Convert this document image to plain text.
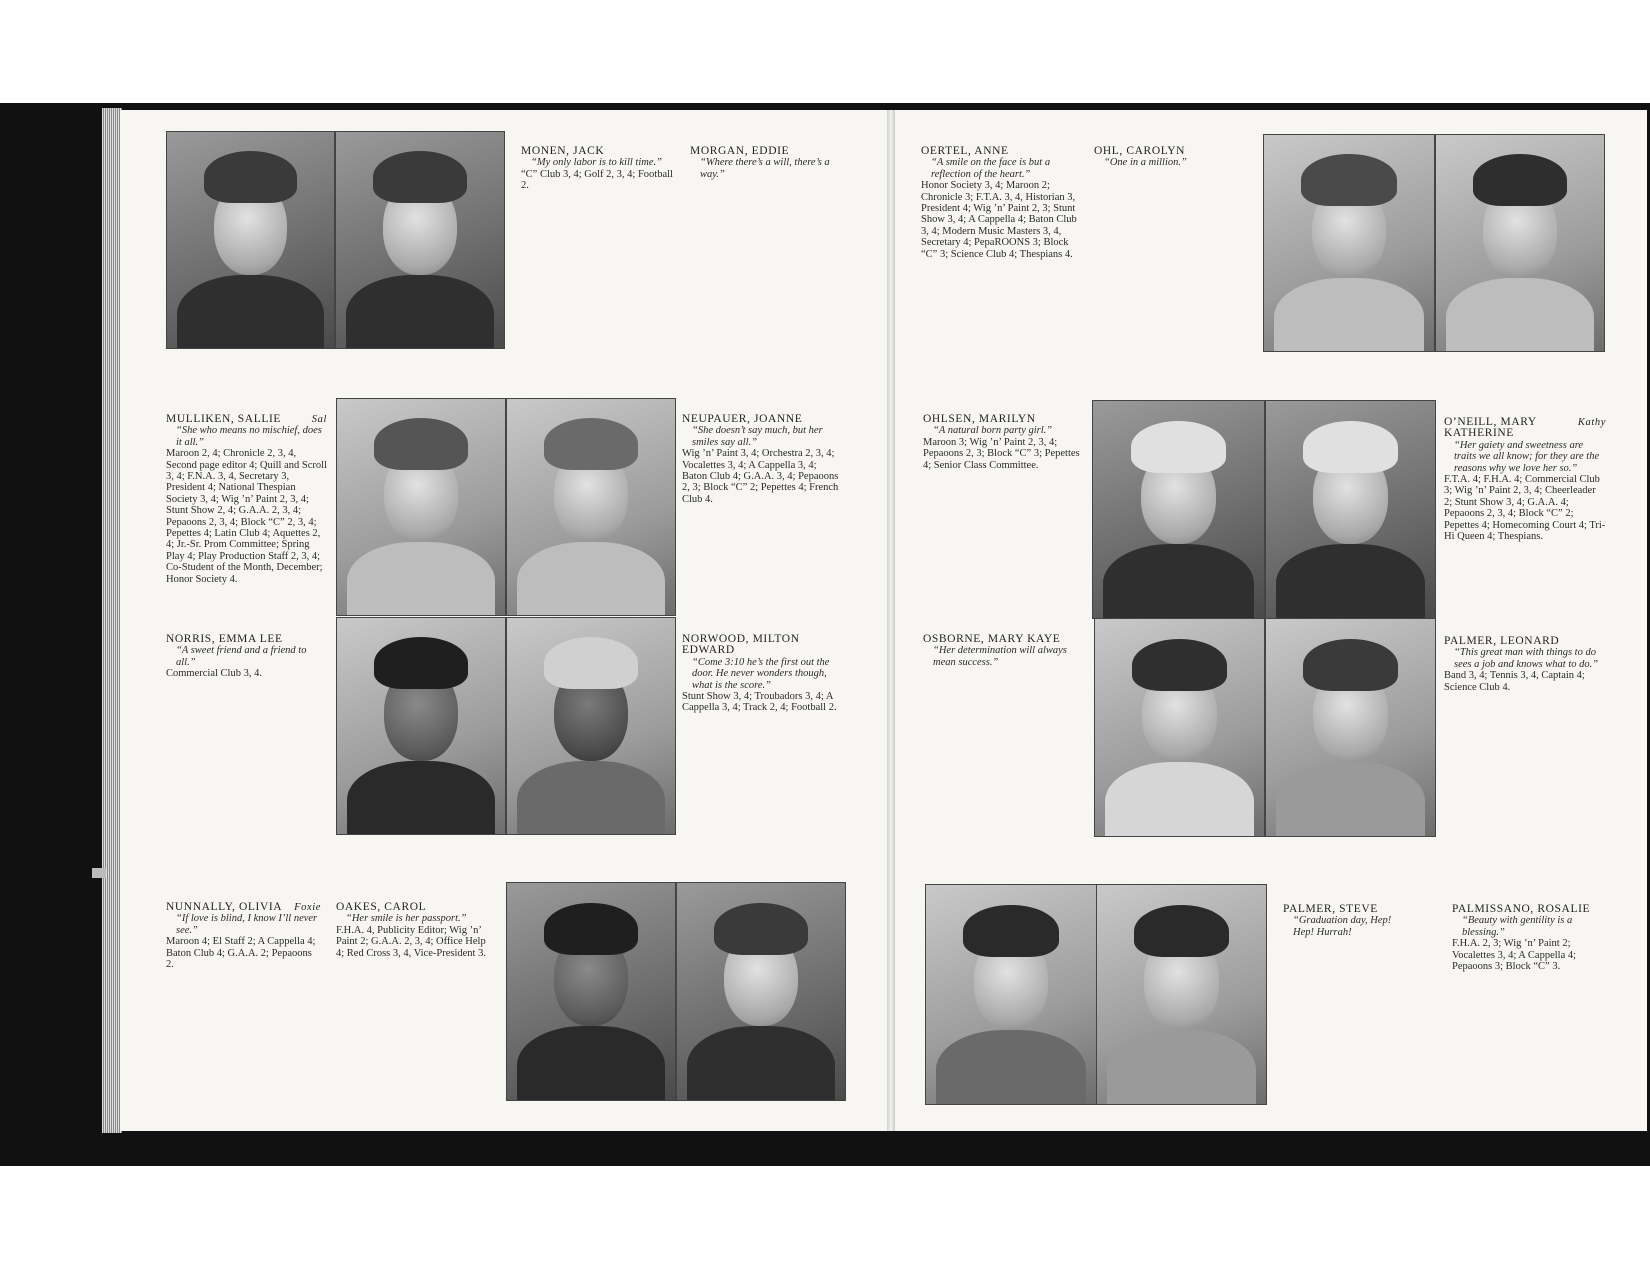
MONEN, JACK
“My only labor is to kill time.”
“C” Club 3, 4; Golf 2, 3, 4; Football 2.
MORGAN, EDDIE
“Where there’s a will, there’s a way.”
Sal
MULLIKEN, SALLIE
“She who means no mischief, does it all.”
Maroon 2, 4; Chronicle 2, 3, 4, Second page editor 4; Quill and Scroll 3, 4; F.N.A. 3, 4, Secretary 3, President 4; National Thespian Society 3, 4; Wig ’n’ Paint 2, 3, 4; Stunt Show 2, 4; G.A.A. 2, 3, 4; Pepaoons 2, 3, 4; Block “C” 2, 3, 4; Pepettes 4; Latin Club 4; Aquettes 2, 4; Jr.-Sr. Prom Committee; Spring Play 4; Play Production Staff 2, 3, 4; Co-Student of the Month, December; Honor Society 4.
NEUPAUER, JOANNE
“She doesn’t say much, but her smiles say all.”
Wig ’n’ Paint 3, 4; Orchestra 2, 3, 4; Vocalettes 3, 4; A Cappella 3, 4; Baton Club 4; G.A.A. 3, 4; Pepaoons 2, 3; Block “C” 2; Pepettes 4; French Club 4.
NORRIS, EMMA LEE
“A sweet friend and a friend to all.”
Commercial Club 3, 4.
NORWOOD, MILTON EDWARD
“Come 3:10 he’s the first out the door. He never wonders though, what is the score.”
Stunt Show 3, 4; Troubadors 3, 4; A Cappella 3, 4; Track 2, 4; Football 2.
Foxie
NUNNALLY, OLIVIA
“If love is blind, I know I’ll never see.”
Maroon 4; El Staff 2; A Cappella 4; Baton Club 4; G.A.A. 2; Pepaoons 2.
OAKES, CAROL
“Her smile is her passport.”
F.H.A. 4, Publicity Editor; Wig ’n’ Paint 2; G.A.A. 2, 3, 4; Office Help 4; Red Cross 3, 4, Vice-President 3.
OERTEL, ANNE
“A smile on the face is but a reflection of the heart.”
Honor Society 3, 4; Maroon 2; Chronicle 3; F.T.A. 3, 4, Historian 3, President 4; Wig ’n’ Paint 2, 3; Stunt Show 3, 4; A Cappella 4; Baton Club 3, 4; Modern Music Masters 3, 4, Secretary 4; PepaROONS 3; Block “C” 3; Science Club 4; Thespians 4.
OHL, CAROLYN
“One in a million.”
OHLSEN, MARILYN
“A natural born party girl.”
Maroon 3; Wig ’n’ Paint 2, 3, 4; Pepaoons 2, 3; Block “C” 3; Pepettes 4; Senior Class Committee.
Kathy
O’NEILL, MARY KATHERINE
“Her gaiety and sweetness are traits we all know; for they are the reasons why we love her so.”
F.T.A. 4; F.H.A. 4; Commercial Club 3; Wig ’n’ Paint 2, 3, 4; Cheerleader 2; Stunt Show 3, 4; G.A.A. 4; Pepaoons 2, 3, 4; Block “C” 2; Pepettes 4; Homecoming Court 4; Tri-Hi Queen 4; Thespians.
OSBORNE, MARY KAYE
“Her determination will always mean success.”
PALMER, LEONARD
“This great man with things to do sees a job and knows what to do.”
Band 3, 4; Tennis 3, 4, Captain 4; Science Club 4.
PALMER, STEVE
“Graduation day, Hep! Hep! Hurrah!
PALMISSANO, ROSALIE
“Beauty with gentility is a blessing.”
F.H.A. 2, 3; Wig ’n’ Paint 2; Vocalettes 3, 4; A Cappella 4; Pepaoons 3; Block “C” 3.
